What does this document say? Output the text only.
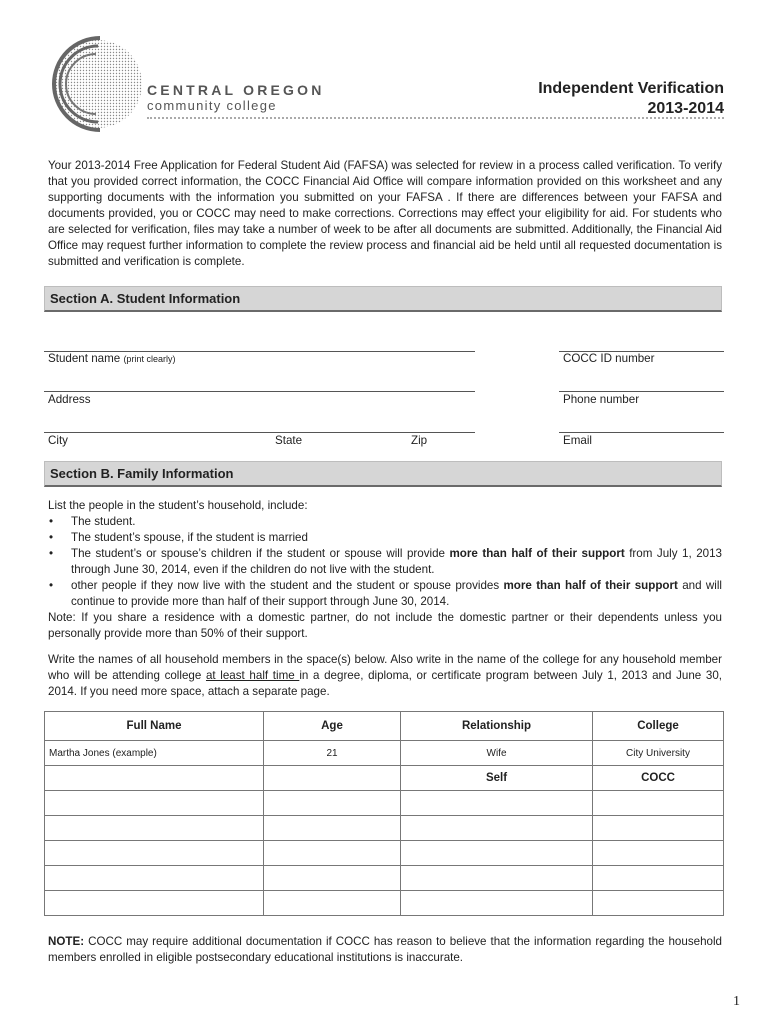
CENTRAL OREGON
community college
Independent Verification
2013-2014
Your 2013-2014 Free Application for Federal Student Aid (FAFSA) was selected for review in a process called verification. To verify that you provided correct information, the COCC Financial Aid Office will compare information provided on this worksheet and any supporting documents with the information you submitted on your FAFSA . If there are differences between your FAFSA and documents provided, you or COCC may need to make corrections. Corrections may effect your eligibility for aid. For students who are selected for verification, files may take a number of week to be after all documents are submitted. Additionally, the Financial Aid Office may request further information to complete the review process and financial aid be held until all requested documentation is submitted and verification is complete.
Section A. Student Information
Student name (print clearly)	COCC ID number
Address	Phone number
City	State	Zip	Email
Section B. Family Information
List the people in the student’s household, include:
• The student.
• The student’s spouse, if the student is married
• The student’s or spouse’s children if the student or spouse will provide more than half of their support from July 1, 2013 through June 30, 2014, even if the children do not live with the student.
• other people if they now live with the student and the student or spouse provides more than half of their support and will continue to provide more than half of their support through June 30, 2014.
Note: If you share a residence with a domestic partner, do not include the domestic partner or their dependents unless you personally provide more than 50% of their support.
Write the names of all household members in the space(s) below. Also write in the name of the college for any household member who will be attending college at least half time in a degree, diploma, or certificate program between July 1, 2013 and June 30, 2014. If you need more space, attach a separate page.
Full Name	Age	Relationship	College
Martha Jones (example)	21	Wife	City University
		Self	COCC

NOTE: COCC may require additional documentation if COCC has reason to believe that the information regarding the household members enrolled in eligible postsecondary educational institutions is inaccurate.
1
